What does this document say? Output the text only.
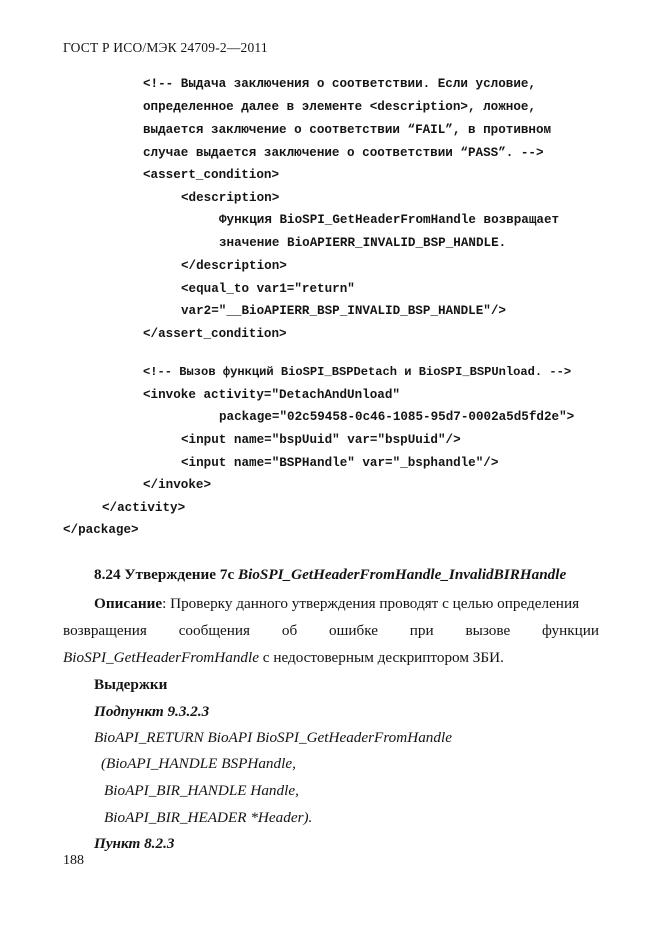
ГОСТ Р ИСО/МЭК 24709-2—2011
<!-- Выдача заключения о соответствии. Если условие,
определенное далее в элементе <description>, ложное,
выдается заключение о соответствии “FAIL”, в противном
случае выдается заключение о соответствии “PASS”. -->
<assert_condition>
<description>
Функция BioSPI_GetHeaderFromHandle возвращает
значение BioAPIERR_INVALID_BSP_HANDLE.
</description>
<equal_to var1="return"
var2="__BioAPIERR_BSP_INVALID_BSP_HANDLE"/>
</assert_condition>
<!-- Вызов функций BioSPI_BSPDetach и BioSPI_BSPUnload. -->
<invoke activity="DetachAndUnload"
package="02c59458-0c46-1085-95d7-0002a5d5fd2e">
<input name="bspUuid" var="bspUuid"/>
<input name="BSPHandle" var="_bsphandle"/>
</invoke>
</activity>
</package>
8.24 Утверждение 7с BioSPI_GetHeaderFromHandle_InvalidBIRHandle
Описание: Проверку данного утверждения проводят с целью определения
возвращения сообщения об ошибке при вызове функции
BioSPI_GetHeaderFromHandle с недостоверным дескриптором ЗБИ.
Выдержки
Подпункт 9.3.2.3
BioAPI_RETURN BioAPI BioSPI_GetHeaderFromHandle
(BioAPI_HANDLE BSPHandle,
BioAPI_BIR_HANDLE Handle,
BioAPI_BIR_HEADER *Header).
Пункт 8.2.3
188
